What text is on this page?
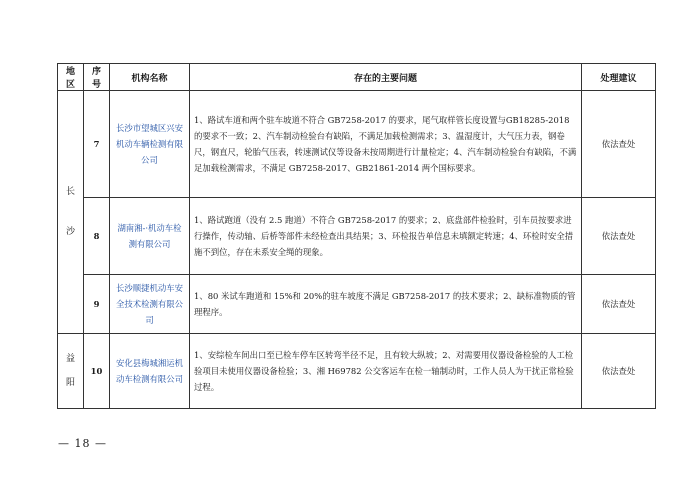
地区	序号	机构名称	存在的主要问题	处理建议

长
沙	7	长沙市望城区兴安机动车辆检测有限公司	1、路试车道和两个驻车坡道不符合 GB7258-2017 的要求，尾气取样管长度设置与GB18285-2018 的要求不一致；2、汽车制动检验台有缺陷，不满足加载检测需求；3、温湿度计，大气压力表，钢卷尺，钢直尺，轮胎气压表，转速测试仪等设备未按周期进行计量检定；4、汽车制动检验台有缺陷，不满足加载检测需求，不满足 GB7258-2017、GB21861-2014 两个国标要求。	依法查处
	8	湖南湘-·机动车检测有限公司	1、路试跑道（没有 2.5 跑道）不符合 GB7258-2017 的要求；2、底盘部件检验时，引车员按要求进行操作，传动轴、后桥等部件未经检查出具结果；3、环检报告单信息未填额定转速；4、环检时安全措施不到位，存在未系安全绳的现象。	依法查处
	9	长沙顺捷机动车安全技术检测有限公司	1、80 米试车跑道和 15%和 20%的驻车坡度不满足 GB7258-2017 的技术要求；2、缺标准物质的管理程序。	依法查处

益
阳	10	安化县梅城湘运机动车检测有限公司	1、安综检车间出口至已检车停车区转弯半径不足，且有较大纵坡；2、对需要用仪器设备检验的人工检验项目未使用仪器设备检验；3、湘 H69782 公交客运车在检一轴制动时，工作人员人为干扰正常检验过程。	依法查处
— 18 —
